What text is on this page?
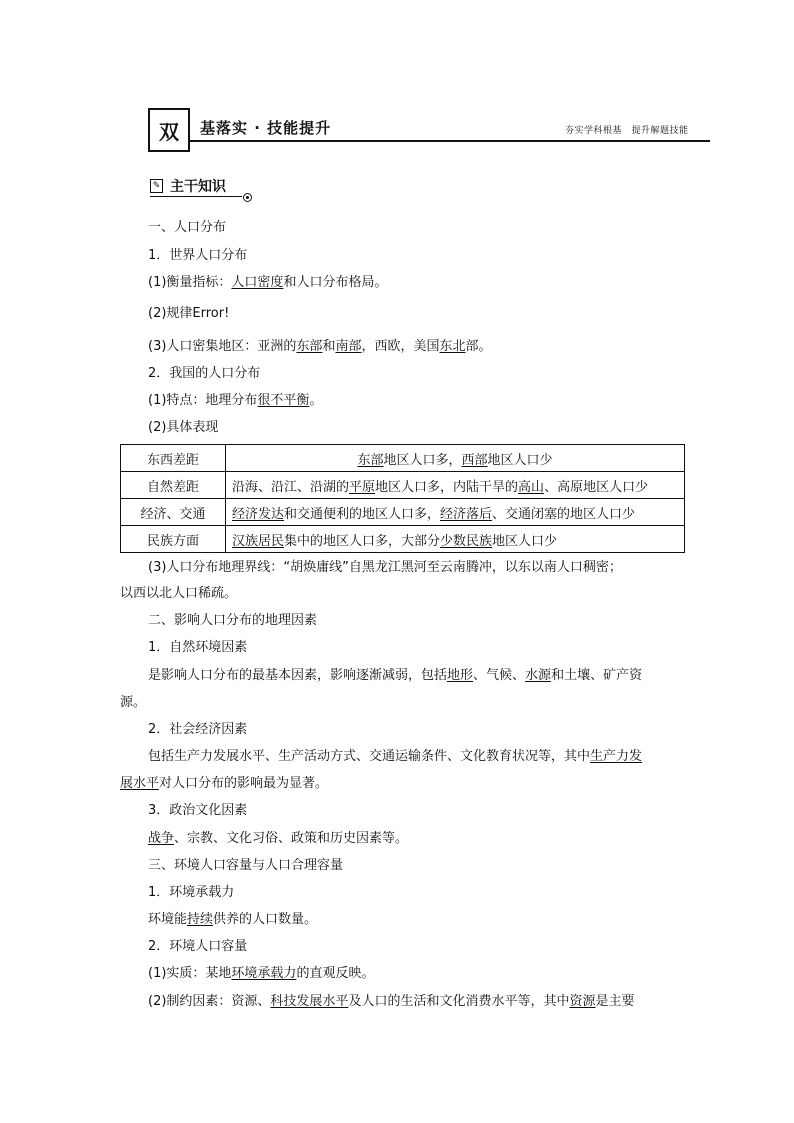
双 基落实 · 技能提升	夯实学科根基　提升解题技能
✎ 主干知识
一、人口分布
1．世界人口分布
(1)衡量指标：人口密度和人口分布格局。
(2)规律Error!
(3)人口密集地区：亚洲的东部和南部，西欧，美国东北部。
2．我国的人口分布
(1)特点：地理分布很不平衡。
(2)具体表现
东西差距	东部地区人口多，西部地区人口少
自然差距	沿海、沿江、沿湖的平原地区人口多，内陆干旱的高山、高原地区人口少
经济、交通	经济发达和交通便利的地区人口多，经济落后、交通闭塞的地区人口少
民族方面	汉族居民集中的地区人口多，大部分少数民族地区人口少
(3)人口分布地理界线：“胡焕庸线”自黑龙江黑河至云南腾冲，以东以南人口稠密；
以西以北人口稀疏。
二、影响人口分布的地理因素
1．自然环境因素
是影响人口分布的最基本因素，影响逐渐减弱，包括地形、气候、水源和土壤、矿产资
源。
2．社会经济因素
包括生产力发展水平、生产活动方式、交通运输条件、文化教育状况等，其中生产力发
展水平对人口分布的影响最为显著。
3．政治文化因素
战争、宗教、文化习俗、政策和历史因素等。
三、环境人口容量与人口合理容量
1．环境承载力
环境能持续供养的人口数量。
2．环境人口容量
(1)实质：某地环境承载力的直观反映。
(2)制约因素：资源、科技发展水平及人口的生活和文化消费水平等，其中资源是主要
